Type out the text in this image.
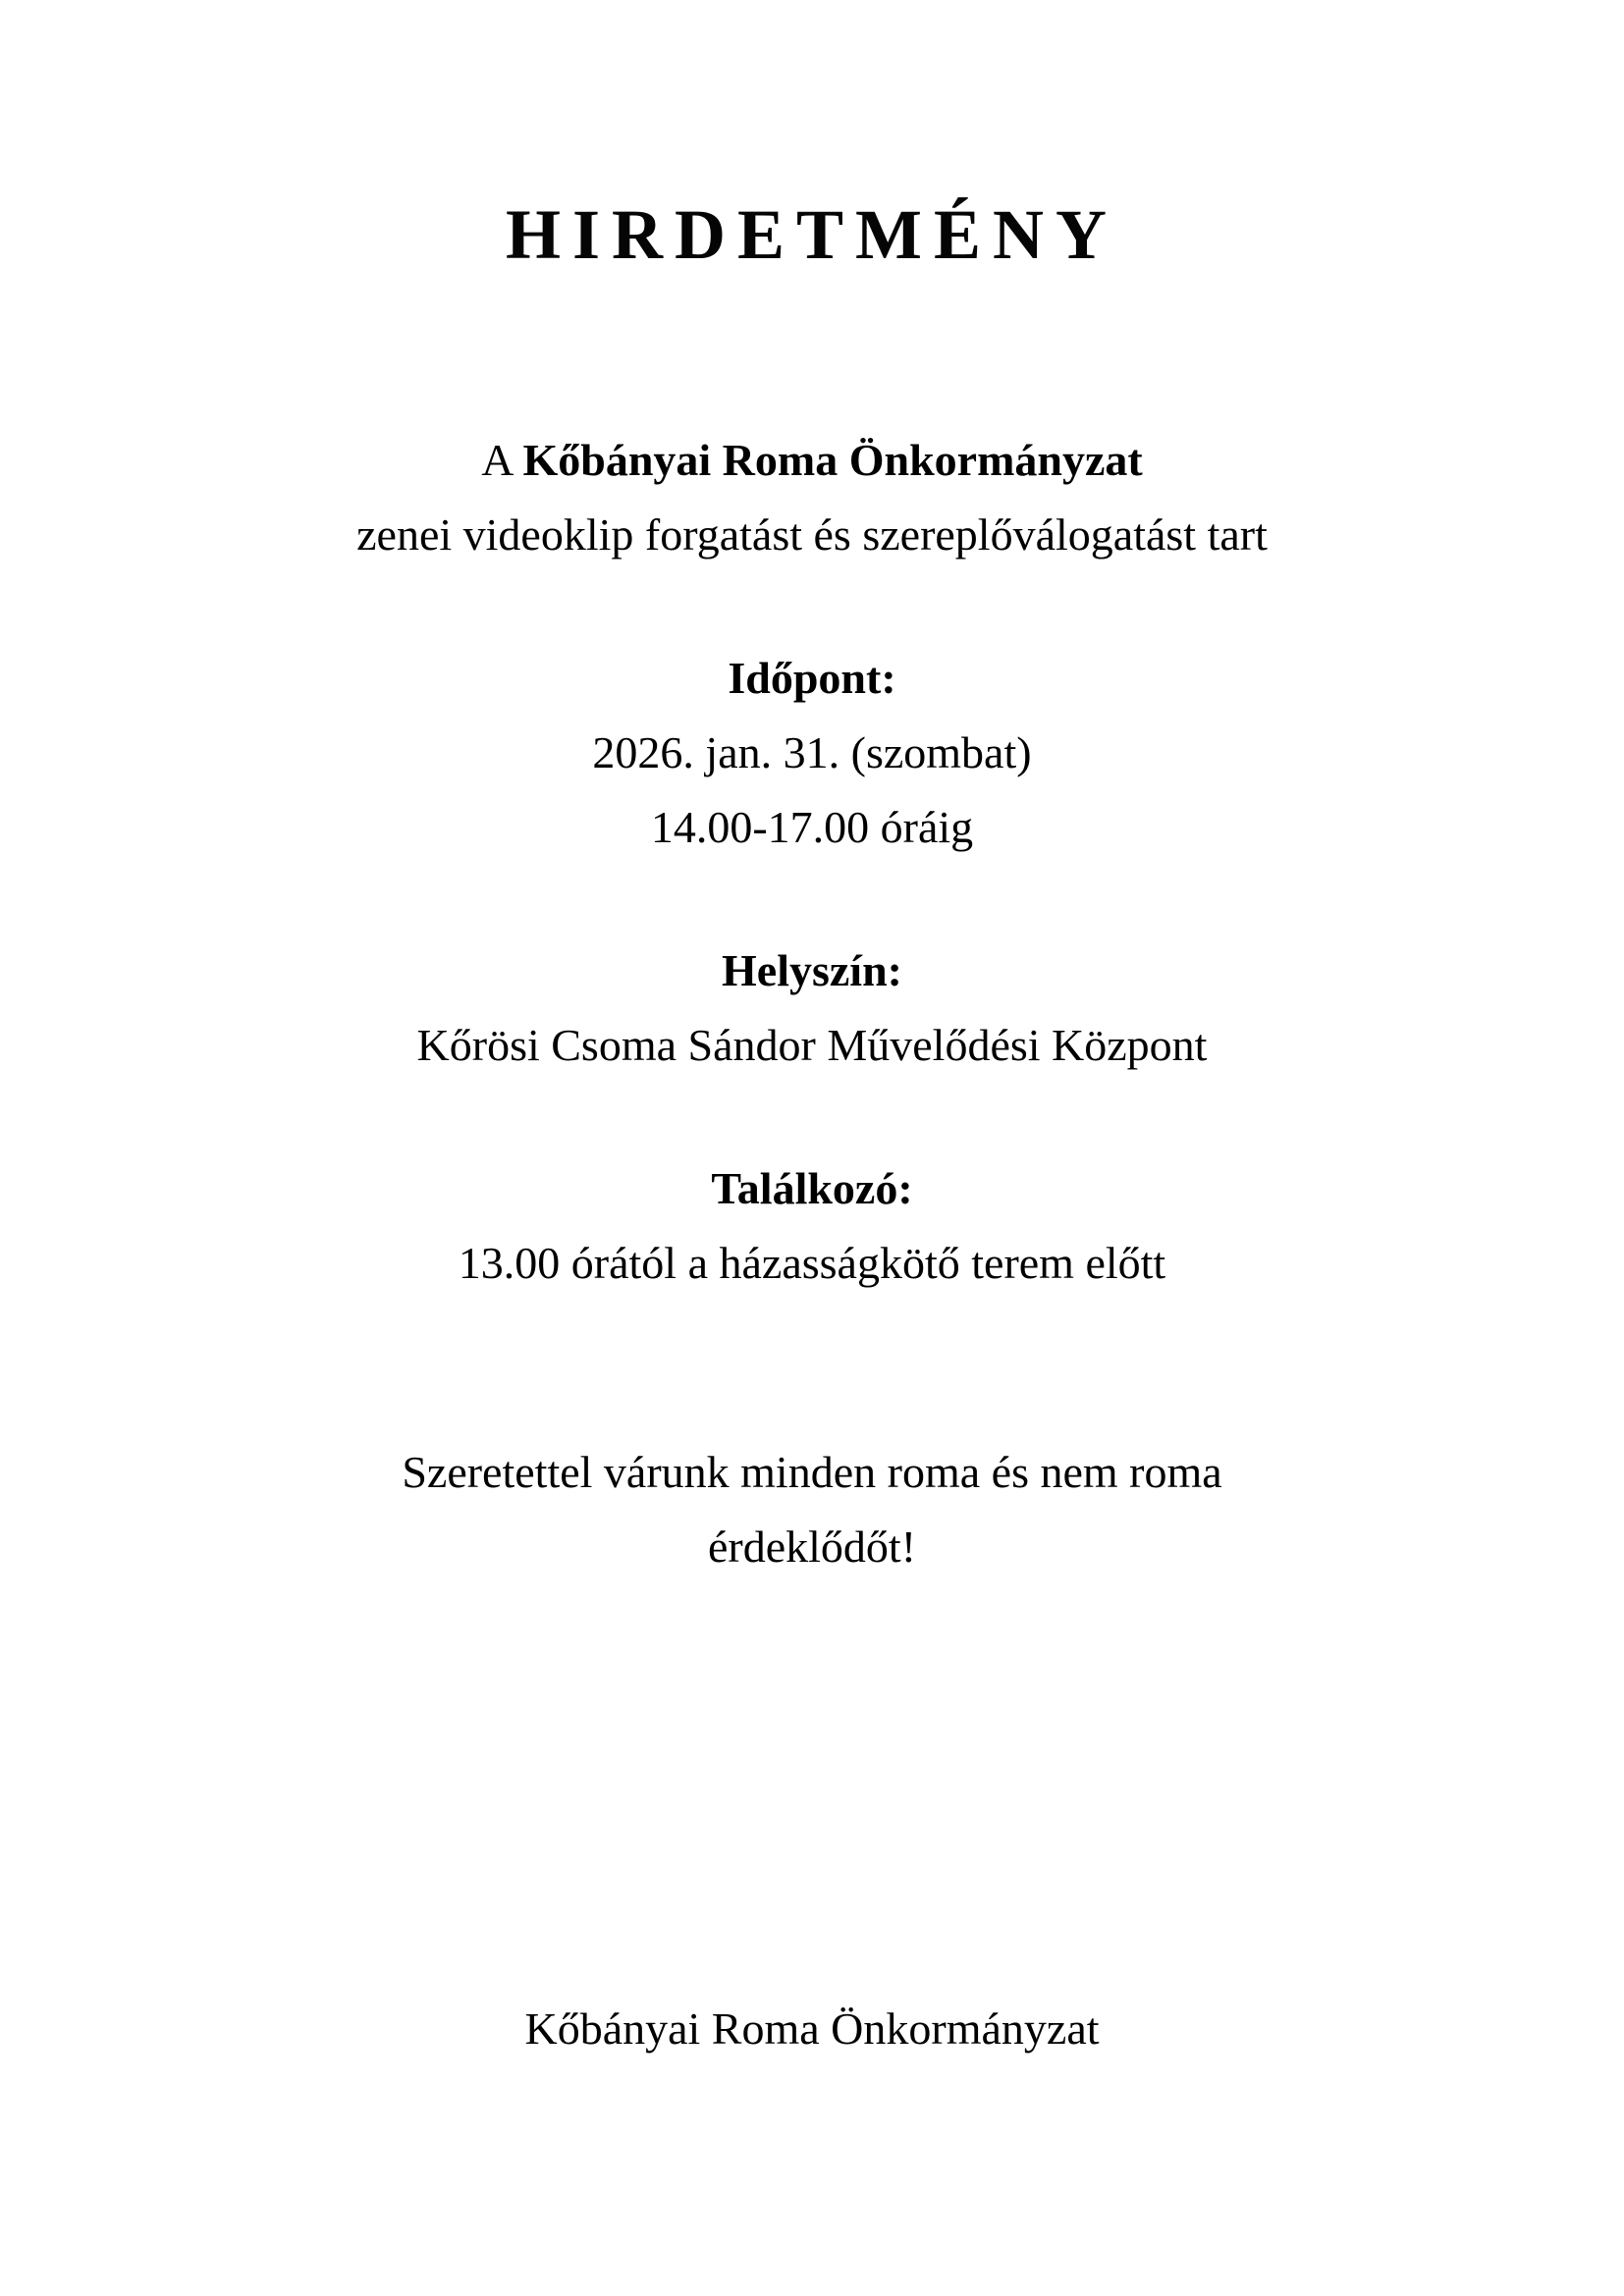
HIRDETMÉNY

A Kőbányai Roma Önkormányzat
zenei videoklip forgatást és szereplőválogatást tart

Időpont:

2026. jan. 31. (szombat)

14.00-17.00 óráig

Helyszín:

Kőrösi Csoma Sándor Művelődési Központ

Találkozó:

13.00 órától a házasságkötő terem előtt

Szeretettel várunk minden roma és nem roma
érdeklődőt!

Kőbányai Roma Önkormányzat
